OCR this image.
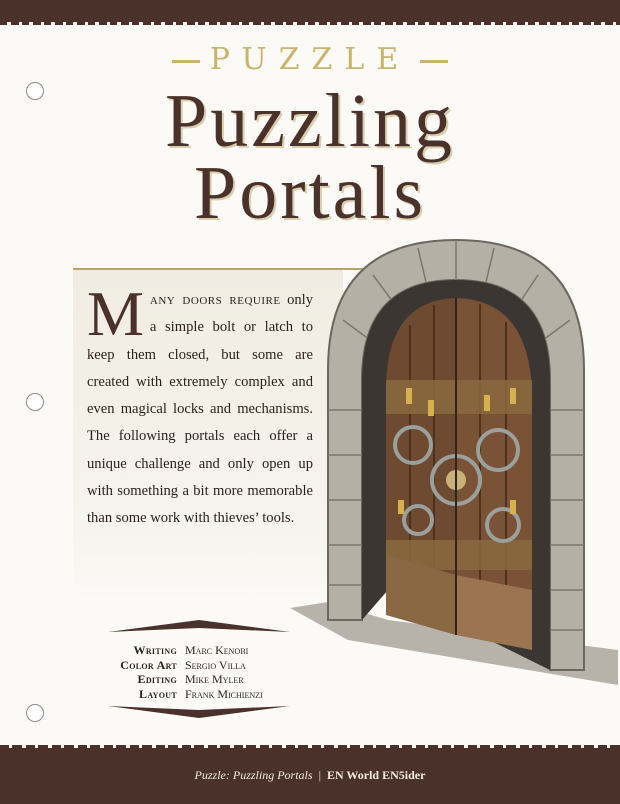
PUZZLE
Puzzling
Portals
Many doors require only a simple bolt or latch to keep them closed, but some are created with extremely complex and even magical locks and mechanisms. The following portals each offer a unique challenge and only open up with something a bit more memorable than some work with thieves’ tools.
Writing Marc Kenobi
Color Art Sergio Villa
Editing Mike Myler
Layout Frank Michienzi
Puzzle: Puzzling Portals | EN World EN5ider
